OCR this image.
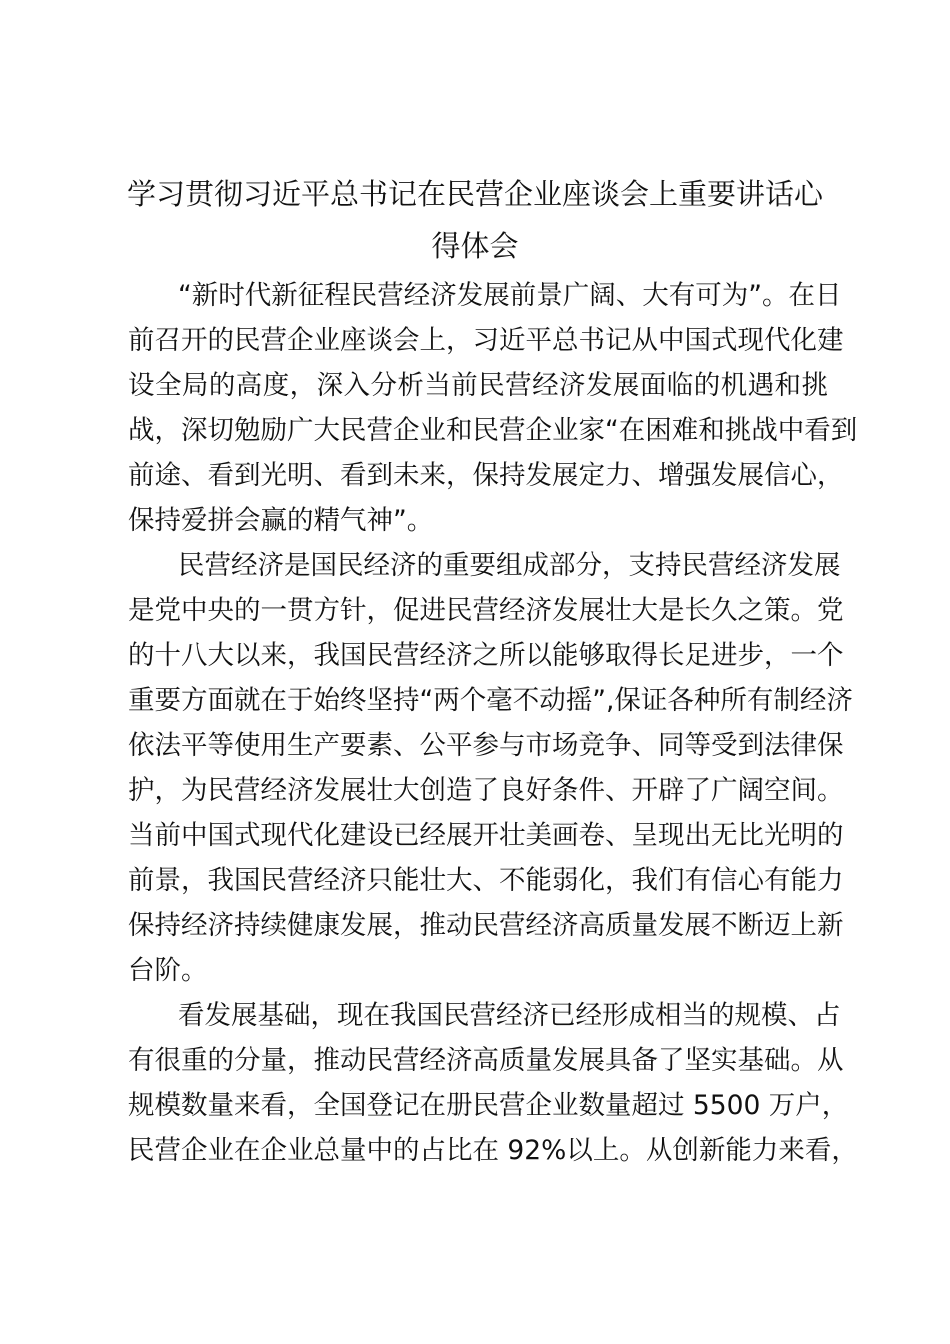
学习贯彻习近平总书记在民营企业座谈会上重要讲话心
得体会
“新时代新征程民营经济发展前景广阔、大有可为”。在日
前召开的民营企业座谈会上，习近平总书记从中国式现代化建
设全局的高度，深入分析当前民营经济发展面临的机遇和挑
战，深切勉励广大民营企业和民营企业家“在困难和挑战中看到
前途、看到光明、看到未来，保持发展定力、增强发展信心，
保持爱拼会赢的精气神”。
民营经济是国民经济的重要组成部分，支持民营经济发展
是党中央的一贯方针，促进民营经济发展壮大是长久之策。党
的十八大以来，我国民营经济之所以能够取得长足进步，一个
重要方面就在于始终坚持“两个毫不动摇”,保证各种所有制经济
依法平等使用生产要素、公平参与市场竞争、同等受到法律保
护，为民营经济发展壮大创造了良好条件、开辟了广阔空间。
当前中国式现代化建设已经展开壮美画卷、呈现出无比光明的
前景，我国民营经济只能壮大、不能弱化，我们有信心有能力
保持经济持续健康发展，推动民营经济高质量发展不断迈上新
台阶。
看发展基础，现在我国民营经济已经形成相当的规模、占
有很重的分量，推动民营经济高质量发展具备了坚实基础。从
规模数量来看，全国登记在册民营企业数量超过 5500 万户，
民营企业在企业总量中的占比在 92%以上。从创新能力来看，
